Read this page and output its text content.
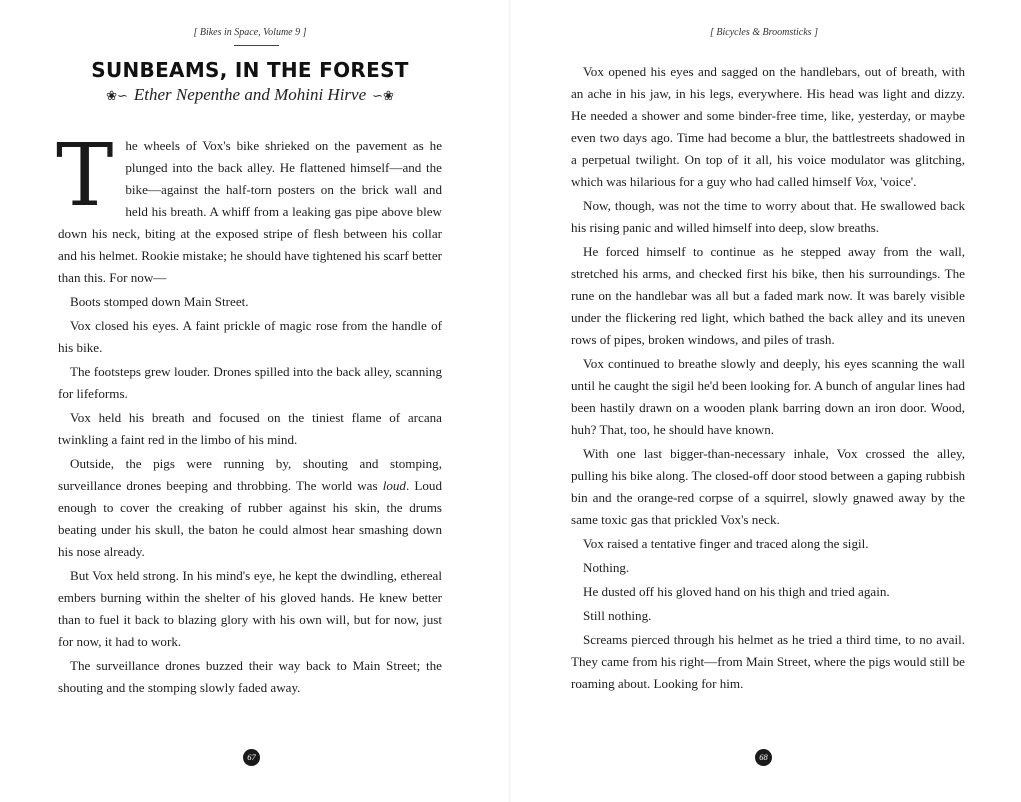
[ Bikes in Space, Volume 9 ]
SUNBEAMS, IN THE FOREST
❀∽ Ether Nepenthe and Mohini Hirve ∽❀

The wheels of Vox's bike shrieked on the pavement as he plunged into the back alley. He flattened himself—and the bike—against the half-torn posters on the brick wall and held his breath. A whiff from a leaking gas pipe above blew down his neck, biting at the exposed stripe of flesh between his collar and his helmet. Rookie mistake; he should have tightened his scarf better than this. For now—

Boots stomped down Main Street.

Vox closed his eyes. A faint prickle of magic rose from the handle of his bike.

The footsteps grew louder. Drones spilled into the back alley, scanning for lifeforms.

Vox held his breath and focused on the tiniest flame of arcana twinkling a faint red in the limbo of his mind.

Outside, the pigs were running by, shouting and stomping, surveillance drones beeping and throbbing. The world was loud. Loud enough to cover the creaking of rubber against his skin, the drums beating under his skull, the baton he could almost hear smashing down his nose already.

But Vox held strong. In his mind's eye, he kept the dwindling, ethereal embers burning within the shelter of his gloved hands. He knew better than to fuel it back to blazing glory with his own will, but for now, just for now, it had to work.

The surveillance drones buzzed their way back to Main Street; the shouting and the stomping slowly faded away.

67
[ Bicycles & Broomsticks ]

Vox opened his eyes and sagged on the handlebars, out of breath, with an ache in his jaw, in his legs, everywhere. His head was light and dizzy. He needed a shower and some binder-free time, like, yesterday, or maybe even two days ago. Time had become a blur, the battlestreets shadowed in a perpetual twilight. On top of it all, his voice modulator was glitching, which was hilarious for a guy who had called himself Vox, 'voice'.

Now, though, was not the time to worry about that. He swallowed back his rising panic and willed himself into deep, slow breaths.

He forced himself to continue as he stepped away from the wall, stretched his arms, and checked first his bike, then his surroundings. The rune on the handlebar was all but a faded mark now. It was barely visible under the flickering red light, which bathed the back alley and its uneven rows of pipes, broken windows, and piles of trash.

Vox continued to breathe slowly and deeply, his eyes scanning the wall until he caught the sigil he'd been looking for. A bunch of angular lines had been hastily drawn on a wooden plank barring down an iron door. Wood, huh? That, too, he should have known.

With one last bigger-than-necessary inhale, Vox crossed the alley, pulling his bike along. The closed-off door stood between a gaping rubbish bin and the orange-red corpse of a squirrel, slowly gnawed away by the same toxic gas that prickled Vox's neck.

Vox raised a tentative finger and traced along the sigil.

Nothing.

He dusted off his gloved hand on his thigh and tried again.

Still nothing.

Screams pierced through his helmet as he tried a third time, to no avail. They came from his right—from Main Street, where the pigs would still be roaming about. Looking for him.

68
